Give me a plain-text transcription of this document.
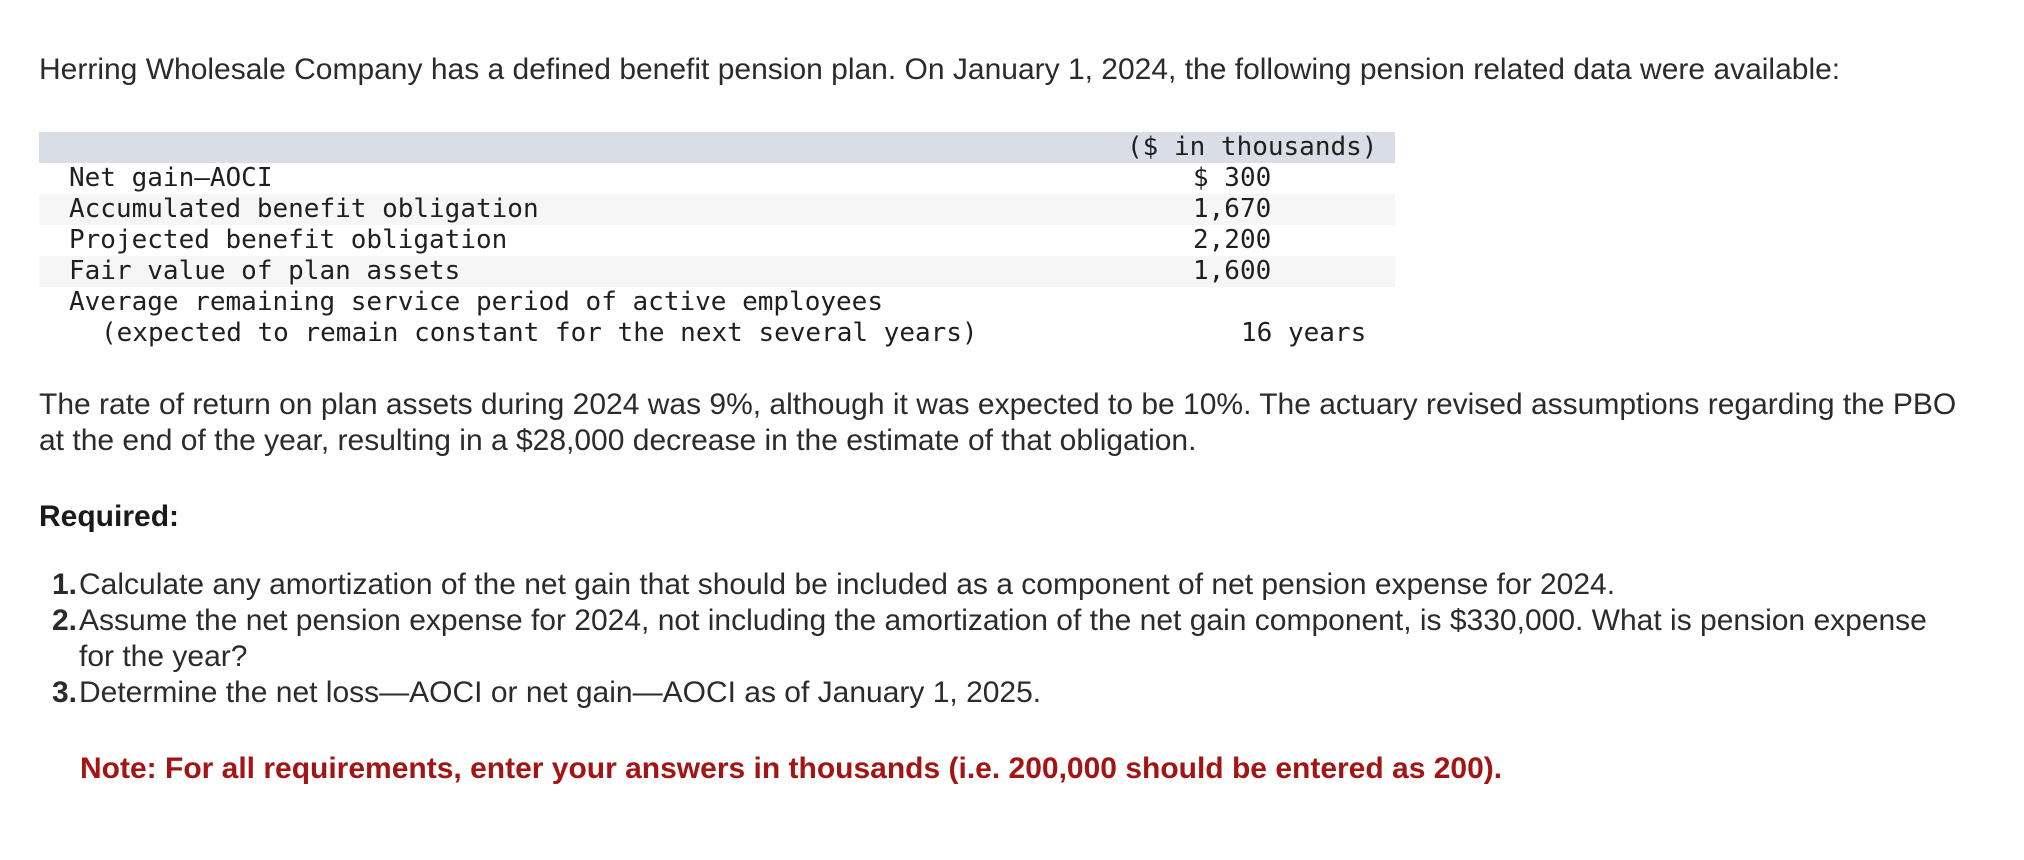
Herring Wholesale Company has a defined benefit pension plan. On January 1, 2024, the following pension related data were available:

($ in thousands)
Net gain—AOCI	$ 300
Accumulated benefit obligation	1,670
Projected benefit obligation	2,200
Fair value of plan assets	1,600
Average remaining service period of active employees
(expected to remain constant for the next several years)	16 years

The rate of return on plan assets during 2024 was 9%, although it was expected to be 10%. The actuary revised assumptions regarding the PBO at the end of the year, resulting in a $28,000 decrease in the estimate of that obligation.

Required:
1. Calculate any amortization of the net gain that should be included as a component of net pension expense for 2024.
2. Assume the net pension expense for 2024, not including the amortization of the net gain component, is $330,000. What is pension expense for the year?
3. Determine the net loss—AOCI or net gain—AOCI as of January 1, 2025.
Note: For all requirements, enter your answers in thousands (i.e. 200,000 should be entered as 200).
